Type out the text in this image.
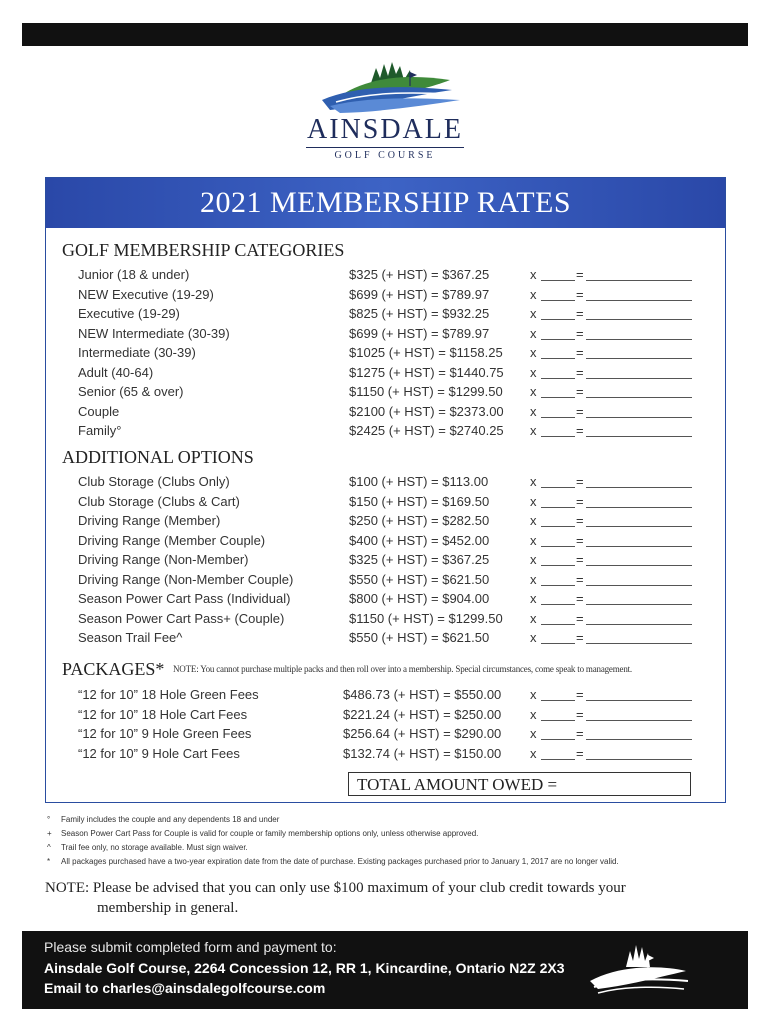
AINSDALE
GOLF COURSE
2021 MEMBERSHIP RATES
GOLF MEMBERSHIP CATEGORIES
Junior (18 & under)	$325 (+ HST) = $367.25	x	=
NEW Executive (19-29)	$699 (+ HST) = $789.97	x	=
Executive (19-29)	$825 (+ HST) = $932.25	x	=
NEW Intermediate (30-39)	$699 (+ HST) = $789.97	x	=
Intermediate (30-39)	$1025 (+ HST) = $1158.25 x	=
Adult (40-64)	$1275 (+ HST) = $1440.75 x	=
Senior (65 & over)	$1150 (+ HST) = $1299.50 x	=
Couple	$2100 (+ HST) = $2373.00 x	=
Family°	$2425 (+ HST) = $2740.25 x	=
ADDITIONAL OPTIONS
Club Storage (Clubs Only)	$100 (+ HST) = $113.00	x	=
Club Storage (Clubs & Cart)	$150 (+ HST) = $169.50	x	=
Driving Range (Member)	$250 (+ HST) = $282.50	x	=
Driving Range (Member Couple)	$400 (+ HST) = $452.00	x	=
Driving Range (Non-Member)	$325 (+ HST) = $367.25	x	=
Driving Range (Non-Member Couple)	$550 (+ HST) = $621.50	x	=
Season Power Cart Pass (Individual)	$800 (+ HST) = $904.00	x	=
Season Power Cart Pass+ (Couple)	$1150 (+ HST) = $1299.50 x	=
Season Trail Fee^	$550 (+ HST) = $621.50	x	=
PACKAGES* NOTE: You cannot purchase multiple packs and then roll over into a membership. Special circumstances, come speak to management.
“12 for 10” 18 Hole Green Fees	$486.73 (+ HST) = $550.00 x	=
“12 for 10” 18 Hole Cart Fees	$221.24 (+ HST) = $250.00 x	=
“12 for 10” 9 Hole Green Fees	$256.64 (+ HST) = $290.00 x	=
“12 for 10” 9 Hole Cart Fees	$132.74 (+ HST) = $150.00 x	=
TOTAL AMOUNT OWED =
° Family includes the couple and any dependents 18 and under
+ Season Power Cart Pass for Couple is valid for couple or family membership options only, unless otherwise approved.
^ Trail fee only, no storage available. Must sign waiver.
* All packages purchased have a two-year expiration date from the date of purchase. Existing packages purchased prior to January 1, 2017 are no longer valid.
NOTE: Please be advised that you can only use $100 maximum of your club credit towards your
membership in general.
Please submit completed form and payment to:
Ainsdale Golf Course, 2264 Concession 12, RR 1, Kincardine, Ontario N2Z 2X3
Email to charles@ainsdalegolfcourse.com
